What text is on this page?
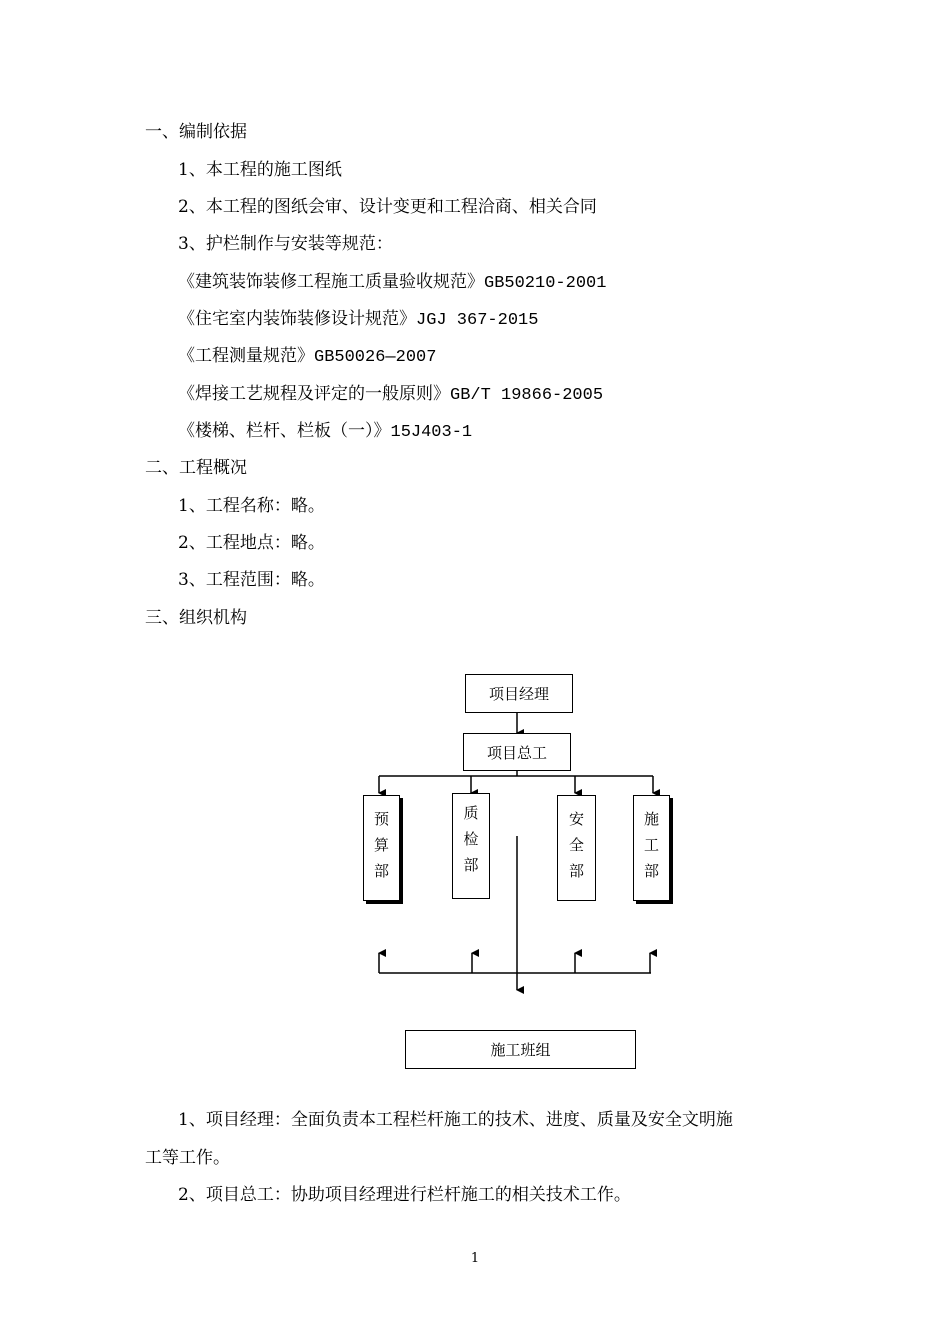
一、编制依据
1、本工程的施工图纸
2、本工程的图纸会审、设计变更和工程洽商、相关合同
3、护栏制作与安装等规范：
《建筑装饰装修工程施工质量验收规范》GB50210-2001
《住宅室内装饰装修设计规范》JGJ 367-2015
《工程测量规范》GB50026—2007
《焊接工艺规程及评定的一般原则》GB/T 19866-2005
《楼梯、栏杆、栏板（一）》15J403-1
二、工程概况
1、工程名称：略。
2、工程地点：略。
3、工程范围：略。
三、组织机构
项目经理
项目总工
预
算
部
质
检
部
安
全
部
施
工
部
施工班组
1、项目经理：全面负责本工程栏杆施工的技术、进度、质量及安全文明施
工等工作。
2、项目总工：协助项目经理进行栏杆施工的相关技术工作。
1
